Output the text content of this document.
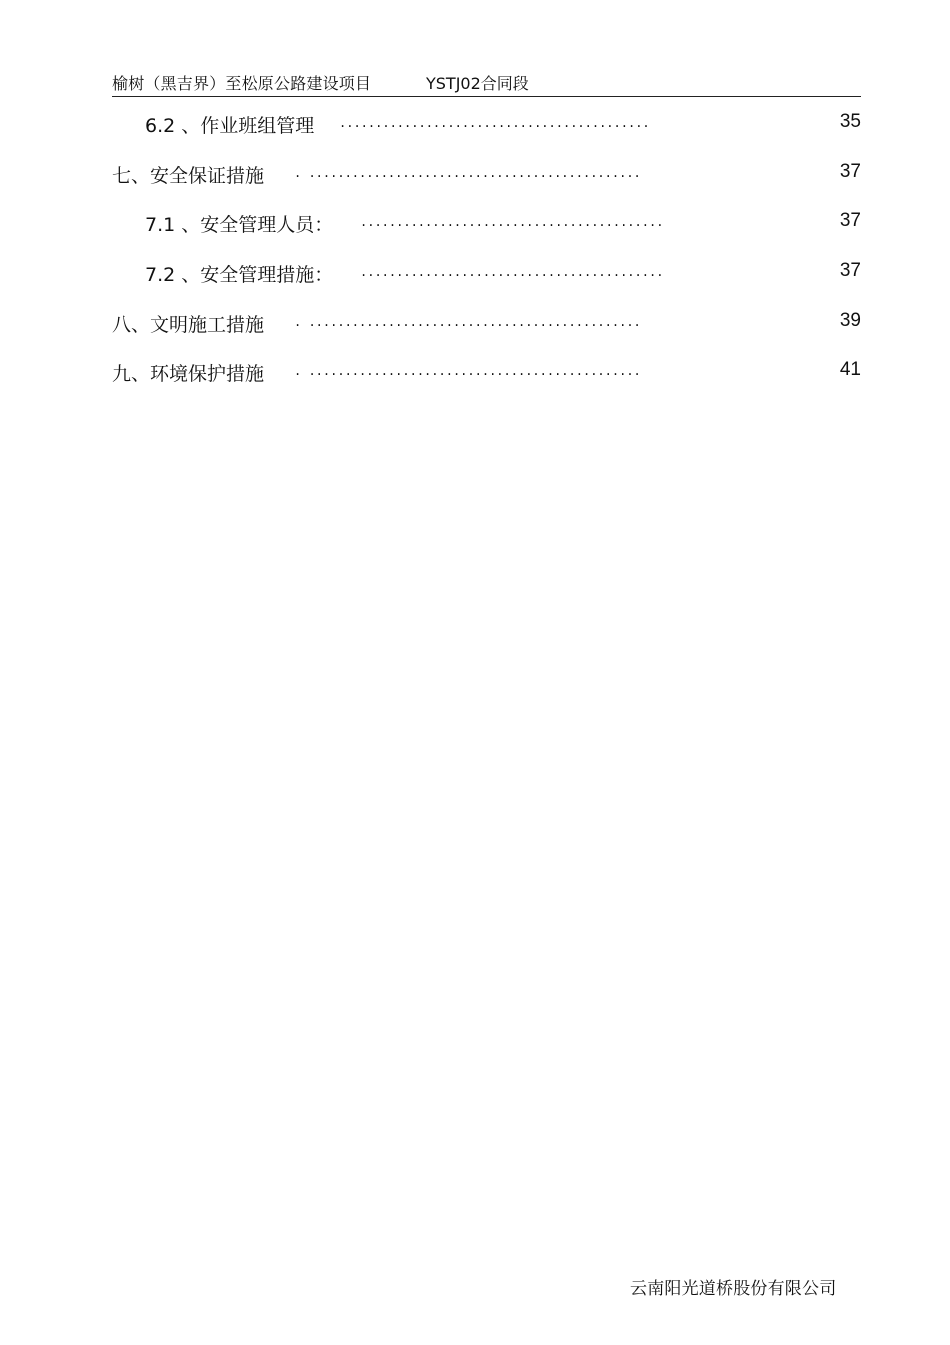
榆树（黑吉界）至松原公路建设项目	YSTJ02合同段
6.2 、作业班组管理 ...........................................	35
七、安全保证措施 . ..............................................	37
7.1 、安全管理人员： ..........................................	37
7.2 、安全管理措施： ..........................................	37
八、文明施工措施 . ..............................................	39
九、环境保护措施 . ..............................................	41
云南阳光道桥股份有限公司
